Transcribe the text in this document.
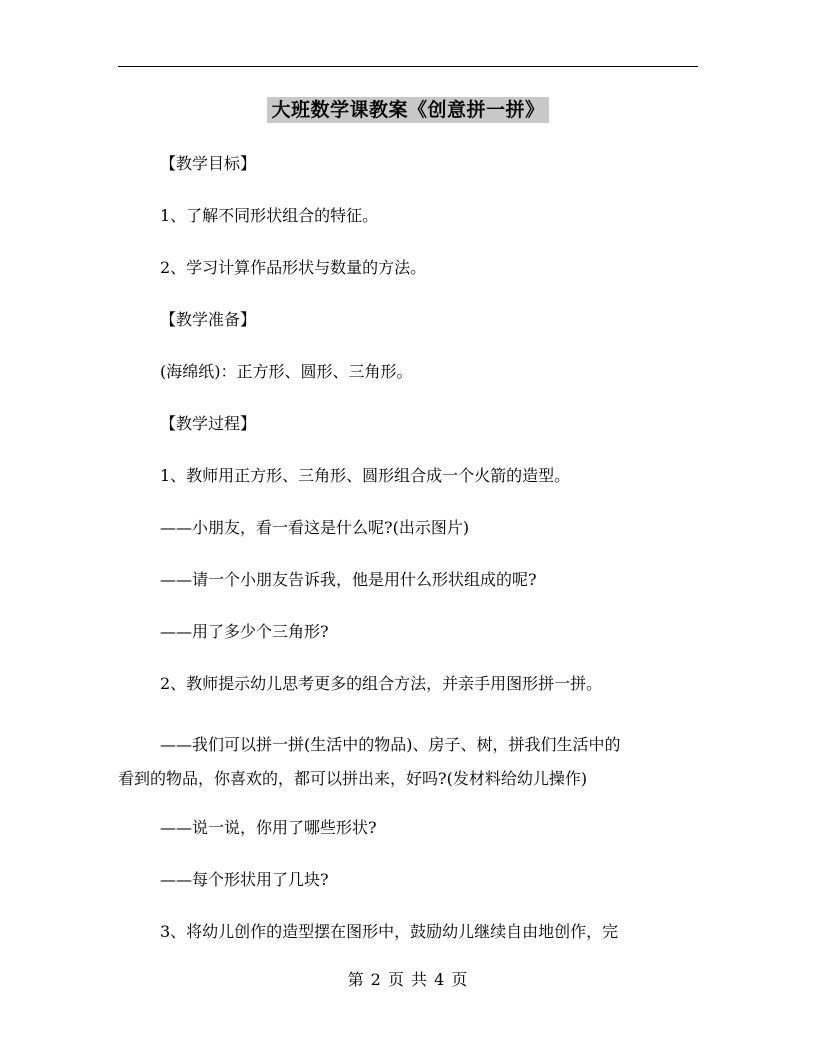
大班数学课教案《创意拼一拼》
【教学目标】
1、了解不同形状组合的特征。
2、学习计算作品形状与数量的方法。
【教学准备】
(海绵纸)：正方形、圆形、三角形。
【教学过程】
1、教师用正方形、三角形、圆形组合成一个火箭的造型。
——小朋友，看一看这是什么呢?(出示图片)
——请一个小朋友告诉我，他是用什么形状组成的呢?
——用了多少个三角形?
2、教师提示幼儿思考更多的组合方法，并亲手用图形拼一拼。
——我们可以拼一拼(生活中的物品)、房子、树，拼我们生活中的
看到的物品，你喜欢的，都可以拼出来，好吗?(发材料给幼儿操作)
——说一说，你用了哪些形状?
——每个形状用了几块?
3、将幼儿创作的造型摆在图形中，鼓励幼儿继续自由地创作，完
第 2 页 共 4 页
